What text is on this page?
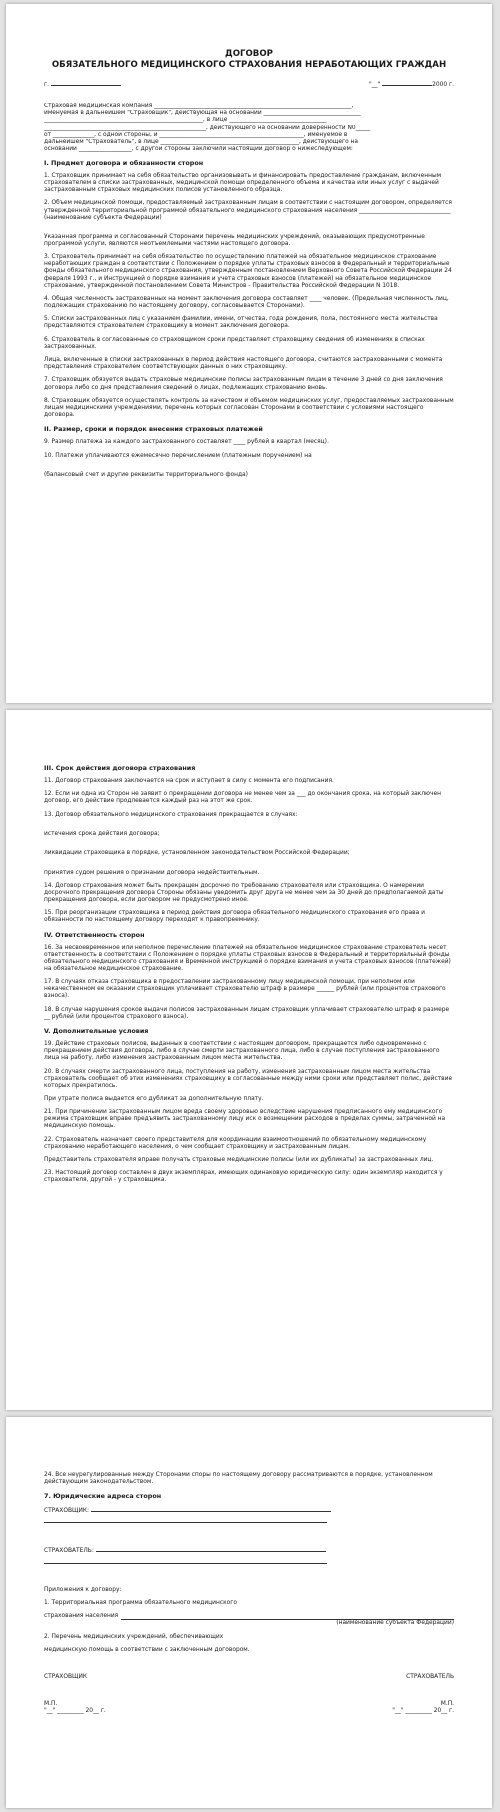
ДОГОВОР
ОБЯЗАТЕЛЬНОГО МЕДИЦИНСКОГО СТРАХОВАНИЯ НЕРАБОТАЮЩИХ ГРАЖДАН
г.	"__"	2000 г.
Страховая медицинская компания ___________________________________________________________________,
именуемая в дальнейшем "Страховщик", действующая на основании _________________________________
______________________________________________________, в лице _________________________________
_______________________________________________________, действующего на основании доверенности N0_____
от ______________, с одной стороны, и _________________________________________________, именуемое в
дальнейшем "Страхователь", в лице _______________________________________________, действующего на
основании __________________, с другой стороны заключили настоящий Договор о нижеследующем:
I. Предмет договора и обязанности сторон
1. Страховщик принимает на себя обязательство организовывать и финансировать предоставление гражданам, включенным страхователем в списки застрахованных, медицинской помощи определенного объема и качества или иных услуг с выдачей застрахованным страховых медицинских полисов установленного образца.
2. Объем медицинской помощи, предоставляемый застрахованным лицам в соответствии с настоящим договором, определяется утвержденной территориальной программой обязательного медицинского страхования населения _______________________________
(наименование субъекта Федерации)
Указанная программа и согласованный Сторонами перечень медицинских учреждений, оказывающих предусмотренные программой услуги, являются неотъемлемыми частями настоящего договора.
3. Страхователь принимает на себя обязательство по осуществлению платежей на обязательное медицинское страхование неработающих граждан в соответствии с Положением о порядке уплаты страховых взносов в Федеральный и территориальные фонды обязательного медицинского страхования, утвержденным постановлением Верховного Совета Российской Федерации 24 февраля 1993 г., и Инструкцией о порядке взимания и учета страховых взносов (платежей) на обязательное медицинское страхование, утвержденной постановлением Совета Министров - Правительства Российской Федерации N 1018.
4. Общая численность застрахованных на момент заключения договора составляет ____ человек. (Предельная численность лиц, подлежащих страхованию по настоящему договору, согласовывается Сторонами).
5. Списки застрахованных лиц с указанием фамилии, имени, отчества, года рождения, пола, постоянного места жительства представляются страхователем страховщику в момент заключения договора.
6. Страхователь в согласованные со страховщиком сроки представляет страховщику сведения об изменениях в списках застрахованных.
Лица, включенные в списки застрахованных в период действия настоящего договора, считаются застрахованными с момента представления страхователем соответствующих данных о них страховщику.
7. Страховщик обязуется выдать страховые медицинские полисы застрахованным лицам в течение 3 дней со дня заключения договора либо со дня представления сведений о лицах, подлежащих страхованию вновь.
8. Страховщик обязуется осуществлять контроль за качеством и объемом медицинских услуг, предоставляемых застрахованным лицам медицинскими учреждениями, перечень которых согласован Сторонами в соответствии с условиями настоящего договора.
II. Размер, сроки и порядок внесения страховых платежей
9. Размер платежа за каждого застрахованного составляет ____ рублей в квартал (месяц).
10. Платежи уплачиваются ежемесячно перечислением (платежным поручением) на
(балансовый счет и другие реквизиты территориального фонда)
III. Срок действия договора страхования
11. Договор страхования заключается на срок и вступает в силу с момента его подписания.
12. Если ни одна из Сторон не заявит о прекращении договора не менее чем за ___ до окончания срока, на который заключен договор, его действие продлевается каждый раз на этот же срок.
13. Договор обязательного медицинского страхования прекращается в случаях:
истечения срока действия договора;
ликвидации страховщика в порядке, установленном законодательством Российской Федерации;
принятия судом решения о признании договора недействительным.
14. Договор страхования может быть прекращен досрочно по требованию страхователя или страховщика. О намерении досрочного прекращения договора Стороны обязаны уведомить друг друга не менее чем за 30 дней до предполагаемой даты прекращения договора, если договором не предусмотрено иное.
15. При реорганизации страховщика в период действия договора обязательного медицинского страхования его права и обязанности по настоящему договору переходят к правопреемнику.
IV. Ответственность сторон
16. За несвоевременное или неполное перечисление платежей на обязательное медицинское страхование страхователь несет ответственность в соответствии с Положением о порядке уплаты страховых взносов в Федеральный и территориальный фонды обязательного медицинского страхования и Временной инструкцией о порядке взимания и учета страховых взносов (платежей) на обязательное медицинское страхование.
17. В случаях отказа страховщика в предоставлении застрахованному лицу медицинской помощи, при неполном или некачественном ее оказании страховщик уплачивает страхователю штраф в размере ______ рублей (или процентов страхового взноса).
18. В случае нарушения сроков выдачи полисов застрахованным лицам страховщик уплачивает страхователю штраф в размере __ рублей (или процентов страхового взноса).
V. Дополнительные условия
19. Действие страховых полисов, выданных в соответствии с настоящим договором, прекращается либо одновременно с прекращением действия договора, либо в случае смерти застрахованного лица, либо в случае поступления застрахованного лица на работу, либо изменения застрахованным лицом места жительства.
20. В случаях смерти застрахованного лица, поступления на работу, изменения застрахованным лицом места жительства страхователь сообщает об этих изменениях страховщику в согласованные между ними сроки или представляет полис, действие которых прекратилось.
При утрате полиса выдается его дубликат за дополнительную плату.
21. При причинении застрахованным лицом вреда своему здоровью вследствие нарушения предписанного ему медицинского режима страховщик вправе предъявить застрахованному лицу иск о возмещении расходов в пределах суммы, затраченной на медицинскую помощь.
22. Страхователь назначает своего представителя для координации взаимоотношений по обязательному медицинскому страхованию неработающего населения, о чем сообщает страховщику и застрахованным лицам.
Представитель страхователя вправе получать страховые медицинские полисы (или их дубликаты) за застрахованных лиц.
23. Настоящий договор составлен в двух экземплярах, имеющих одинаковую юридическую силу: один экземпляр находится у страхователя, другой - у страховщика.
24. Все неурегулированные между Сторонами споры по настоящему договору рассматриваются в порядке, установленном действующим законодательством.
7. Юридические адреса сторон
СТРАХОВЩИК:
СТРАХОВАТЕЛЬ:
Приложения к договору:
1. Территориальная программа обязательного медицинского
страхования населения
(наименование субъекта Федерации)
2. Перечень медицинских учреждений, обеспечивающих
медицинскую помощь в соответствии с заключенным договором.
СТРАХОВЩИК	СТРАХОВАТЕЛЬ
М.П.	М.П.
"__" _________ 20__ г.	"__" _________ 20__ г.
